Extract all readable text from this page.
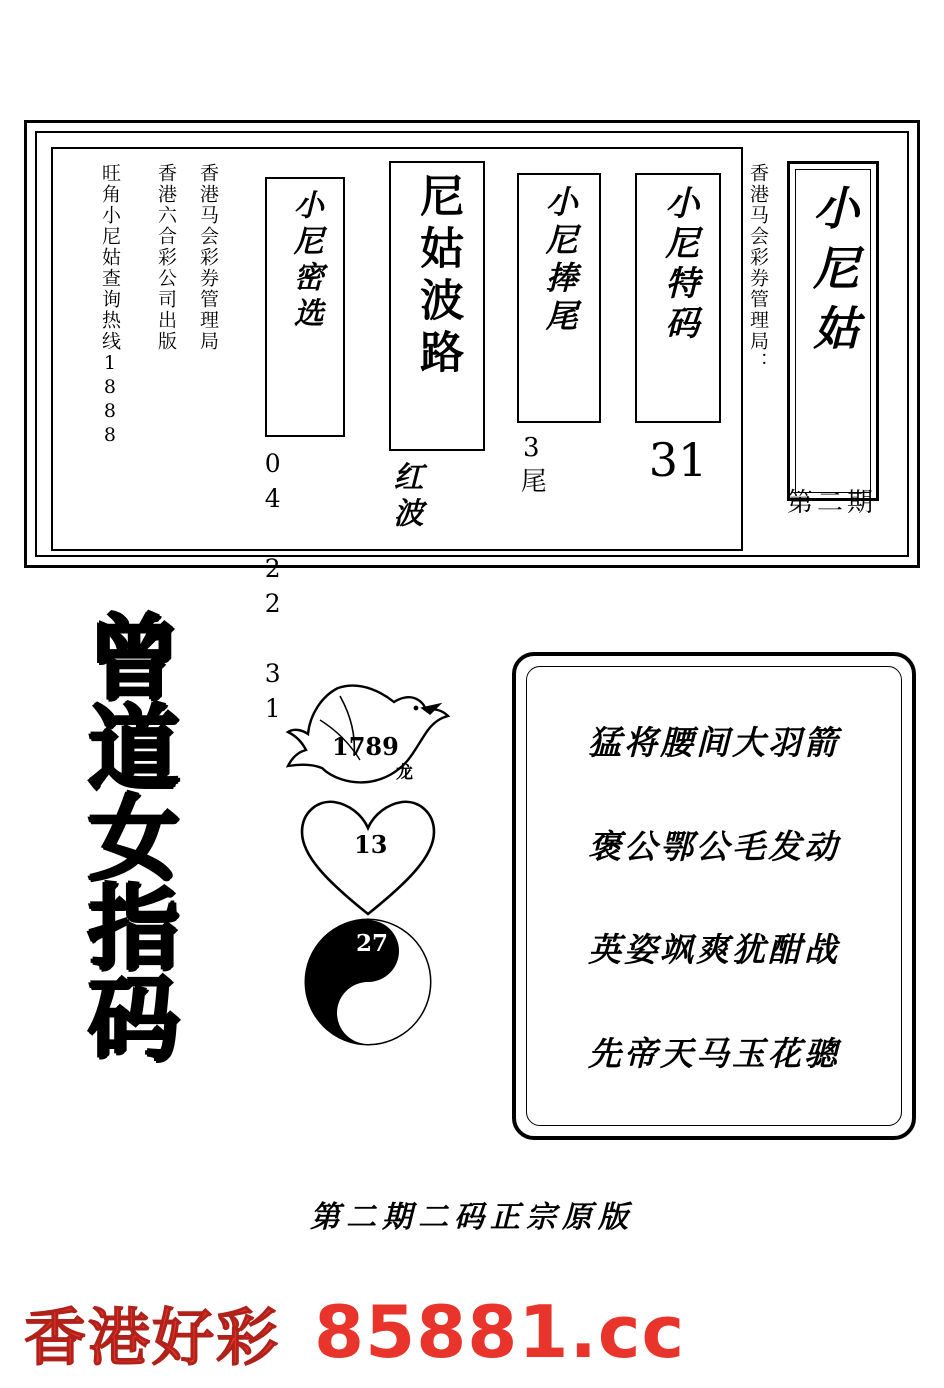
小尼姑
香港马会彩券管理局：
第二期
小尼特码
31
小尼捧尾
3尾
尼姑波路
红波
小尼密选
04 22 31
香港马会彩券管理局
香港六合彩公司出版
旺角小尼姑查询热线1888
曾
道
女
指
码
1789
龙
13
27
猛将腰间大羽箭
褒公鄂公毛发动
英姿飒爽犹酣战
先帝天马玉花骢
第二期二码正宗原版
香港好彩 85881.cc
